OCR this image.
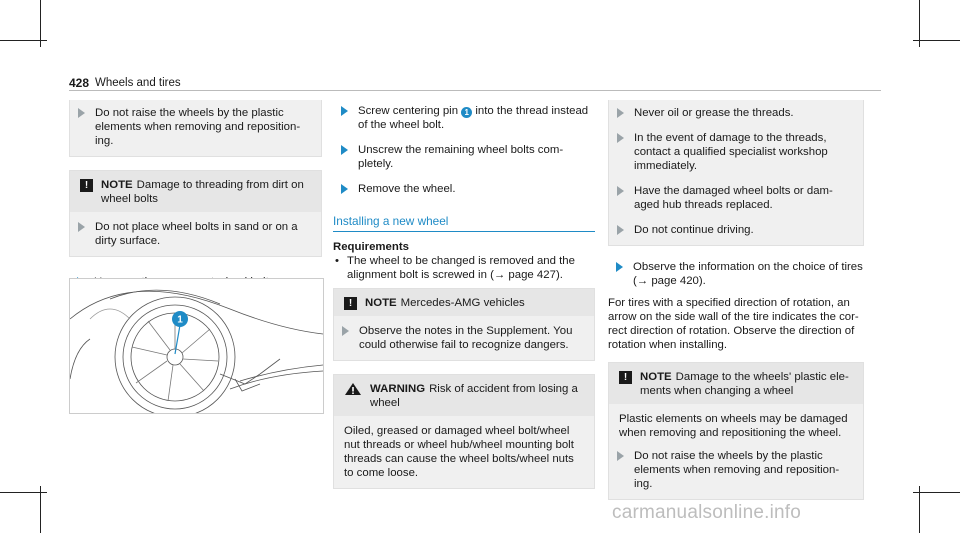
428 Wheels and tires
Do not raise the wheels by the plastic elements when removing and reposition-ing.
!	NOTE Damage to threading from dirt on wheel bolts
Do not place wheel bolts in sand or on a dirty surface.
1
Screw centering pin 1 into the thread instead of the wheel bolt.
Unscrew the remaining wheel bolts com-pletely.
Remove the wheel.
Installing a new wheel
Requirements
• The wheel to be changed is removed and the alignment bolt is screwed in (→ page 427).
!	NOTE Mercedes-AMG vehicles
Observe the notes in the Supplement. You could otherwise fail to recognize dangers.
WARNING Risk of accident from losing a wheel
Oiled, greased or damaged wheel bolt/wheel nut threads or wheel hub/wheel mounting bolt threads can cause the wheel bolts/wheel nuts to come loose.
Never oil or grease the threads.
In the event of damage to the threads, contact a qualified specialist workshop immediately.
Have the damaged wheel bolts or dam-aged hub threads replaced.
Do not continue driving.
Observe the information on the choice of tires (→ page 420).
For tires with a specified direction of rotation, an arrow on the side wall of the tire indicates the cor-rect direction of rotation. Observe the direction of rotation when installing.
!	NOTE Damage to the wheels' plastic ele-ments when changing a wheel
Plastic elements on wheels may be damaged when removing and repositioning the wheel.
Do not raise the wheels by the plastic elements when removing and reposition-ing.
carmanualsonline.info
